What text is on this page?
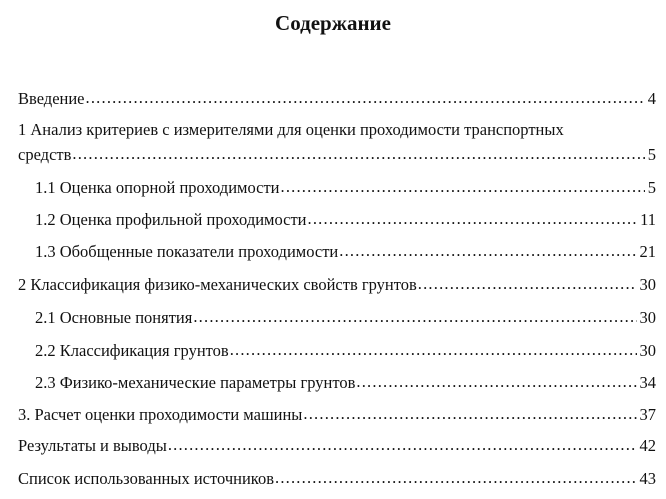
Содержание
Введение .....	4
1 Анализ критериев с измерителями для оценки проходимости транспортных
средств .....	5
1.1 Оценка опорной проходимости .....	5
1.2 Оценка профильной проходимости .....	11
1.3 Обобщенные показатели проходимости .....	21
2 Классификация физико-механических свойств грунтов .....	30
2.1 Основные понятия .....	30
2.2 Классификация грунтов .....	30
2.3 Физико-механические параметры грунтов .....	34
3. Расчет оценки проходимости машины .....	37
Результаты и выводы .....	42
Список использованных источников .....	43
